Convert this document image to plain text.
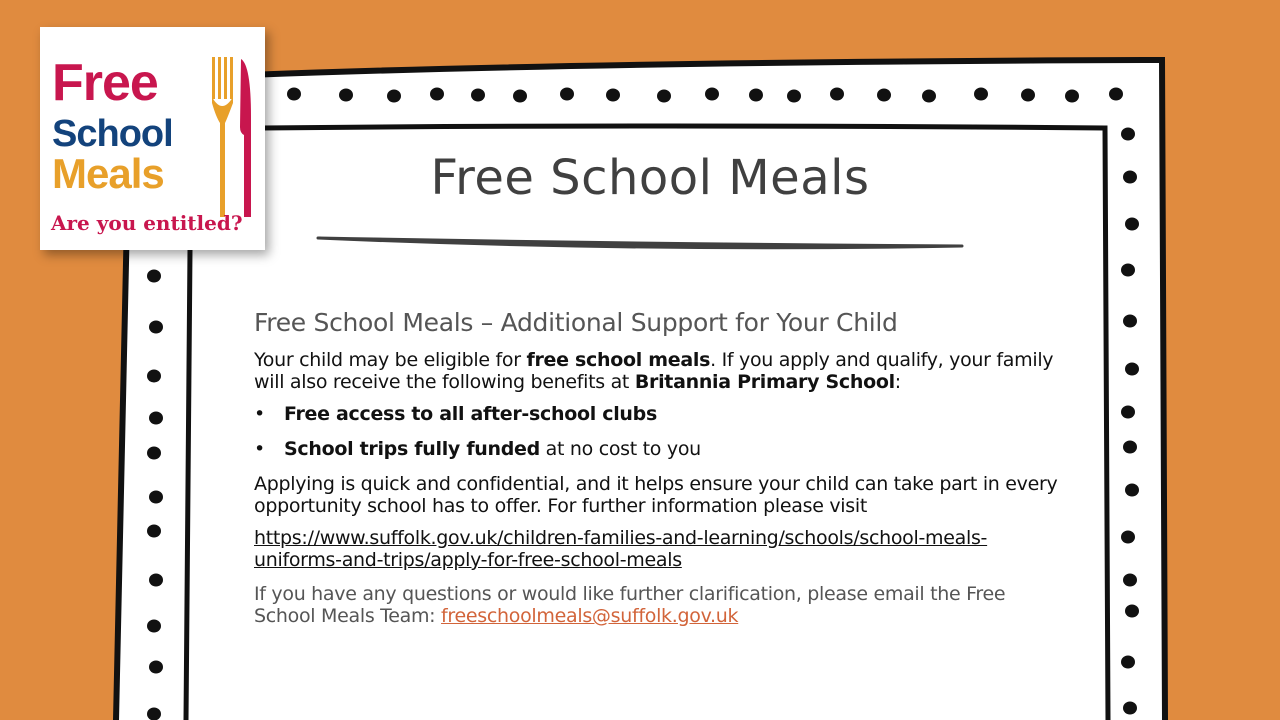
Free
School
Meals
Are you entitled?
Free School Meals
Free School Meals – Additional Support for Your Child

Your child may be eligible for free school meals. If you apply and qualify, your family will also receive the following benefits at Britannia Primary School:

• Free access to all after-school clubs
• School trips fully funded at no cost to you

Applying is quick and confidential, and it helps ensure your child can take part in every opportunity school has to offer. For further information please visit

https://www.suffolk.gov.uk/children-families-and-learning/schools/school-meals-uniforms-and-trips/apply-for-free-school-meals

If you have any questions or would like further clarification, please email the Free School Meals Team: freeschoolmeals@suffolk.gov.uk
